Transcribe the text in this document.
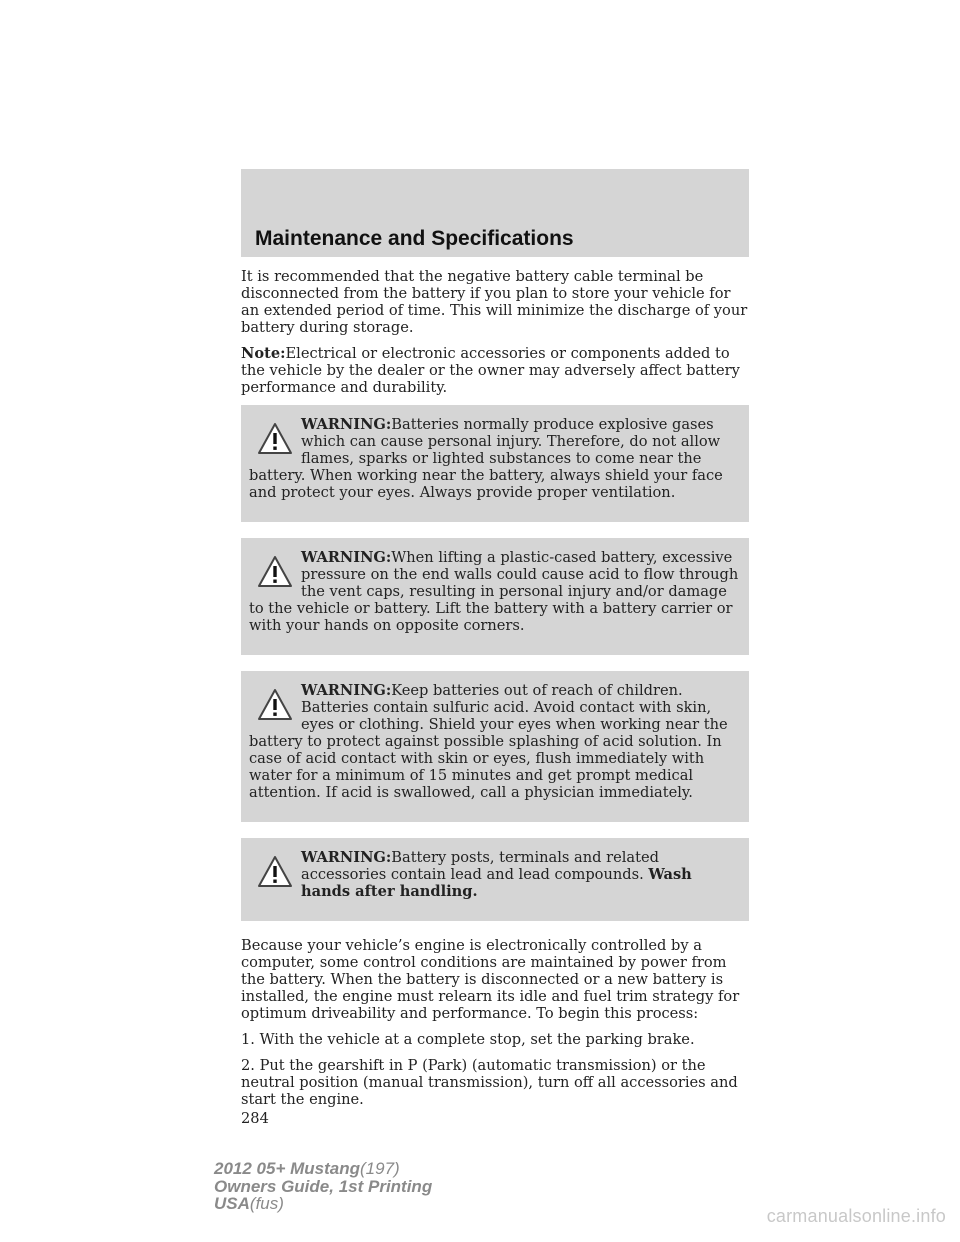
Maintenance and Specifications

It is recommended that the negative battery cable terminal be disconnected from the battery if you plan to store your vehicle for an extended period of time. This will minimize the discharge of your battery during storage.

Note:Electrical or electronic accessories or components added to the vehicle by the dealer or the owner may adversely affect battery performance and durability.

WARNING:Batteries normally produce explosive gases which can cause personal injury. Therefore, do not allow flames, sparks or lighted substances to come near the battery. When working near the battery, always shield your face and protect your eyes. Always provide proper ventilation.

WARNING:When lifting a plastic-cased battery, excessive pressure on the end walls could cause acid to flow through the vent caps, resulting in personal injury and/or damage to the vehicle or battery. Lift the battery with a battery carrier or with your hands on opposite corners.

WARNING:Keep batteries out of reach of children. Batteries contain sulfuric acid. Avoid contact with skin, eyes or clothing. Shield your eyes when working near the battery to protect against possible splashing of acid solution. In case of acid contact with skin or eyes, flush immediately with water for a minimum of 15 minutes and get prompt medical attention. If acid is swallowed, call a physician immediately.

WARNING:Battery posts, terminals and related accessories contain lead and lead compounds. Wash hands after handling.

Because your vehicle’s engine is electronically controlled by a computer, some control conditions are maintained by power from the battery. When the battery is disconnected or a new battery is installed, the engine must relearn its idle and fuel trim strategy for optimum driveability and performance. To begin this process:

1. With the vehicle at a complete stop, set the parking brake.

2. Put the gearshift in P (Park) (automatic transmission) or the neutral position (manual transmission), turn off all accessories and start the engine.

284
2012 05+ Mustang(197)
Owners Guide, 1st Printing
USA(fus)
carmanualsonline.info
